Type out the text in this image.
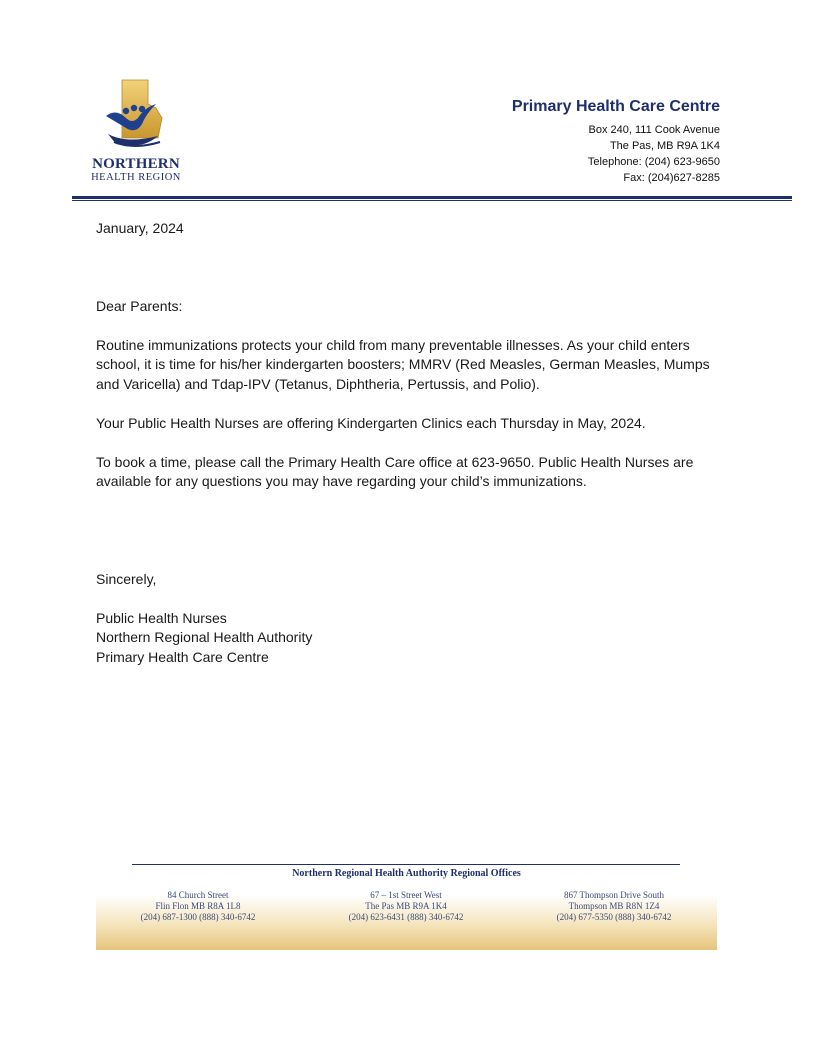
NORTHERN
HEALTH REGION
Primary Health Care Centre
Box 240, 111 Cook Avenue
The Pas, MB R9A 1K4
Telephone: (204) 623-9650
Fax: (204)627-8285

January, 2024

Dear Parents:

Routine immunizations protects your child from many preventable illnesses. As your child enters school, it is time for his/her kindergarten boosters; MMRV (Red Measles, German Measles, Mumps and Varicella) and Tdap-IPV (Tetanus, Diphtheria, Pertussis, and Polio).

Your Public Health Nurses are offering Kindergarten Clinics each Thursday in May, 2024.

To book a time, please call the Primary Health Care office at 623-9650. Public Health Nurses are available for any questions you may have regarding your child’s immunizations.

Sincerely,

Public Health Nurses

Northern Regional Health Authority

Primary Health Care Centre

Northern Regional Health Authority Regional Offices
84 Church Street
Flin Flon MB R8A 1L8
(204) 687-1300 (888) 340-6742
67 – 1st Street West
The Pas MB R9A 1K4
(204) 623-6431 (888) 340-6742
867 Thompson Drive South
Thompson MB R8N 1Z4
(204) 677-5350 (888) 340-6742
